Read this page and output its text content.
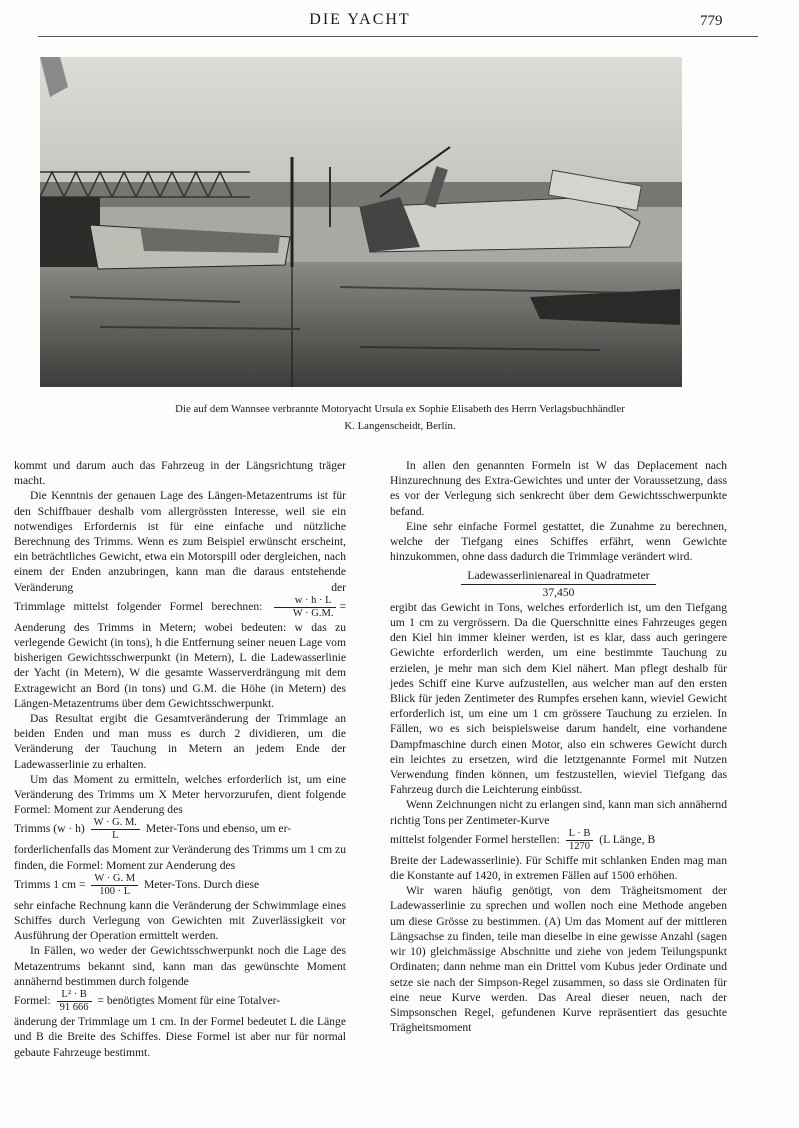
DIE YACHT	779
Die auf dem Wannsee verbrannte Motoryacht Ursula ex Sophie Elisabeth des Herrn Verlagsbuchhändler
K. Langenscheidt, Berlin.

kommt und darum auch das Fahrzeug in der Längsrichtung träger macht.

Die Kenntnis der genauen Lage des Längen-Metazentrums ist für den Schiffbauer deshalb vom allergrössten Interesse, weil sie ein notwendiges Erfordernis ist für eine einfache und nützliche Berechnung des Trimms. Wenn es zum Beispiel erwünscht erscheint, ein beträchtliches Gewicht, etwa ein Motorspill oder dergleichen, nach einem der Enden anzubringen, kann man die daraus entstehende Veränderung der Trimmlage mittelst folgender Formel berechnen: $\frac{w \cdot h \cdot L}{W \cdot G.M.}$ = Aenderung des Trimms in Metern; wobei bedeuten: w das zu verlegende Gewicht (in tons), h die Entfernung seiner neuen Lage vom bisherigen Gewichtsschwerpunkt (in Metern), L die Ladewasserlinie der Yacht (in Metern), W die gesamte Wasserverdrängung mit dem Extragewicht an Bord (in tons) und G.M. die Höhe (in Metern) des Längen-Metazentrums über dem Gewichtsschwerpunkt.

Das Resultat ergibt die Gesamtveränderung der Trimmlage an beiden Enden und man muss es durch 2 dividieren, um die Veränderung der Tauchung in Metern an jedem Ende der Ladewasserlinie zu erhalten.

Um das Moment zu ermitteln, welches erforderlich ist, um eine Veränderung des Trimms um X Meter hervorzurufen, dient folgende Formel: Moment zur Aenderung des

Trimms $(w \cdot h) \frac{W \cdot G. M.}{L}$ Meter-Tons und ebenso, um er-

forderlichenfalls das Moment zur Veränderung des Trimms um 1 cm zu finden, die Formel: Moment zur Aenderung des

Trimms 1 cm = $\frac{W \cdot G. M}{100 \cdot L}$ Meter-Tons. Durch diese

sehr einfache Rechnung kann die Veränderung der Schwimmlage eines Schiffes durch Verlegung von Gewichten mit Zuverlässigkeit vor Ausführung der Operation ermittelt werden.

In Fällen, wo weder der Gewichtsschwerpunkt noch die Lage des Metazentrums bekannt sind, kann man das gewünschte Moment annähernd bestimmen durch folgende

Formel: $\frac{\text{L² · B}}{91 666}$ = benötigtes Moment für eine Totalver-

änderung der Trimmlage um 1 cm. In der Formel bedeutet L die Länge und B die Breite des Schiffes. Diese Formel ist aber nur für normal gebaute Fahrzeuge bestimmt.

In allen den genannten Formeln ist W das Deplacement nach Hinzurechnung des Extra-Gewichtes und unter der Voraussetzung, dass es vor der Verlegung sich senkrecht über dem Gewichtsschwerpunkte befand.

Eine sehr einfache Formel gestattet, die Zunahme zu berechnen, welche der Tiefgang eines Schiffes erfährt, wenn Gewichte hinzukommen, ohne dass dadurch die Trimmlage verändert wird.

Ladewasserlinienareal in Quadratmeter
37,450

ergibt das Gewicht in Tons, welches erforderlich ist, um den Tiefgang um 1 cm zu vergrössern. Da die Querschnitte eines Fahrzeuges gegen den Kiel hin immer kleiner werden, ist es klar, dass auch geringere Gewichte erforderlich werden, um eine bestimmte Tauchung zu erzielen, je mehr man sich dem Kiel nähert. Man pflegt deshalb für jedes Schiff eine Kurve aufzustellen, aus welcher man auf den ersten Blick für jeden Zentimeter des Rumpfes ersehen kann, wieviel Gewicht erforderlich ist, um eine um 1 cm grössere Tauchung zu erzielen. In Fällen, wo es sich beispielsweise darum handelt, eine vorhandene Dampfmaschine durch einen Motor, also ein schweres Gewicht durch ein leichtes zu ersetzen, wird die letztgenannte Formel mit Nutzen Verwendung finden können, um festzustellen, wieviel Tiefgang das Fahrzeug durch die Leichterung einbüsst.

Wenn Zeichnungen nicht zu erlangen sind, kann man sich annähernd richtig Tons per Zentimeter-Kurve

mittelst folgender Formel herstellen: $\frac{L \cdot B}{1270} (L$ Länge, B

Breite der Ladewasserlinie). Für Schiffe mit schlanken Enden mag man die Konstante auf 1420, in extremen Fällen auf 1500 erhöhen.

Wir waren häufig genötigt, von dem Trägheitsmoment der Ladewasserlinie zu sprechen und wollen noch eine Methode angeben um diese Grösse zu bestimmen. (A) Um das Moment auf der mittleren Längsachse zu finden, teile man dieselbe in eine gewisse Anzahl (sagen wir 10) gleichmässige Abschnitte und ziehe von jedem Teilungspunkt Ordinaten; dann nehme man ein Drittel vom Kubus jeder Ordinate und setze sie nach der Simpson-Regel zusammen, so dass sie Ordinaten für eine neue Kurve werden. Das Areal dieser neuen, nach der Simpsonschen Regel, gefundenen Kurve repräsentiert das gesuchte Trägheitsmoment
